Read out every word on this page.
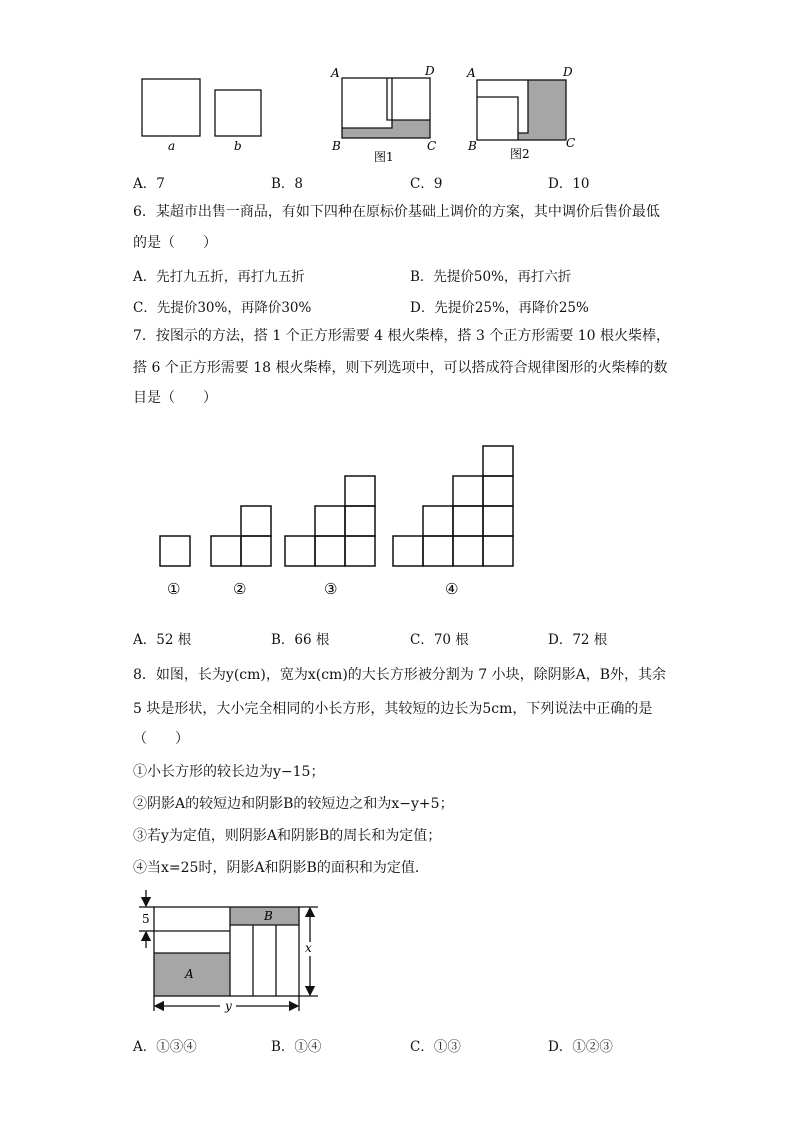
a	b
A	D
B	C
图1
A	D
B	C
图2
A．7	B．8	C．9	D．10
6．某超市出售一商品，有如下四种在原标价基础上调价的方案，其中调价后售价最低
的是（　　）
A．先打九五折，再打九五折	B．先提价50%，再打六折
C．先提价30%，再降价30%	D．先提价25%，再降价25%
7．按图示的方法，搭 1 个正方形需要 4 根火柴棒，搭 3 个正方形需要 10 根火柴棒，
搭 6 个正方形需要 18 根火柴棒，则下列选项中，可以搭成符合规律图形的火柴棒的数
目是（　　）
①	②	③	④
A．52 根	B．66 根	C．70 根	D．72 根
8．如图，长为y(cm)，宽为x(cm)的大长方形被分割为 7 小块，除阴影A，B外，其余
5 块是形状，大小完全相同的小长方形，其较短的边长为5cm，下列说法中正确的是
（　　）
①小长方形的较长边为y−15；
②阴影A的较短边和阴影B的较短边之和为x−y+5；
③若y为定值，则阴影A和阴影B的周长和为定值；
④当x=25时，阴影A和阴影B的面积和为定值．
5
A
B
x
y
A．①③④	B．①④	C．①③	D．①②③
